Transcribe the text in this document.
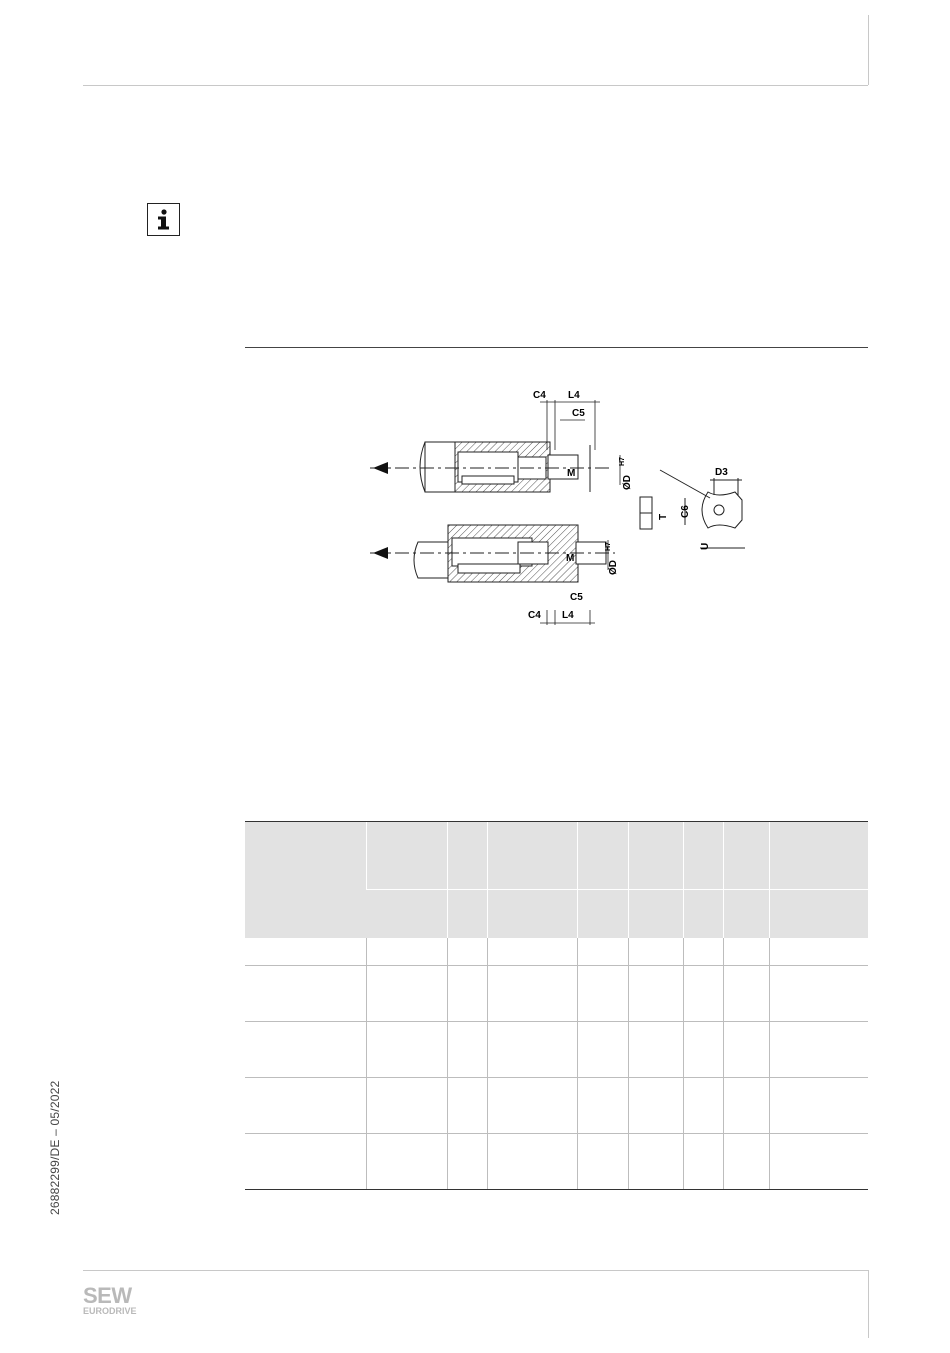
C4 L4
C5
M
M
C5
C4 L4
ØD
H7
ØD
H7
D3
C6
T
U

26882299/DE – 05/2022
SEW
EURODRIVE
